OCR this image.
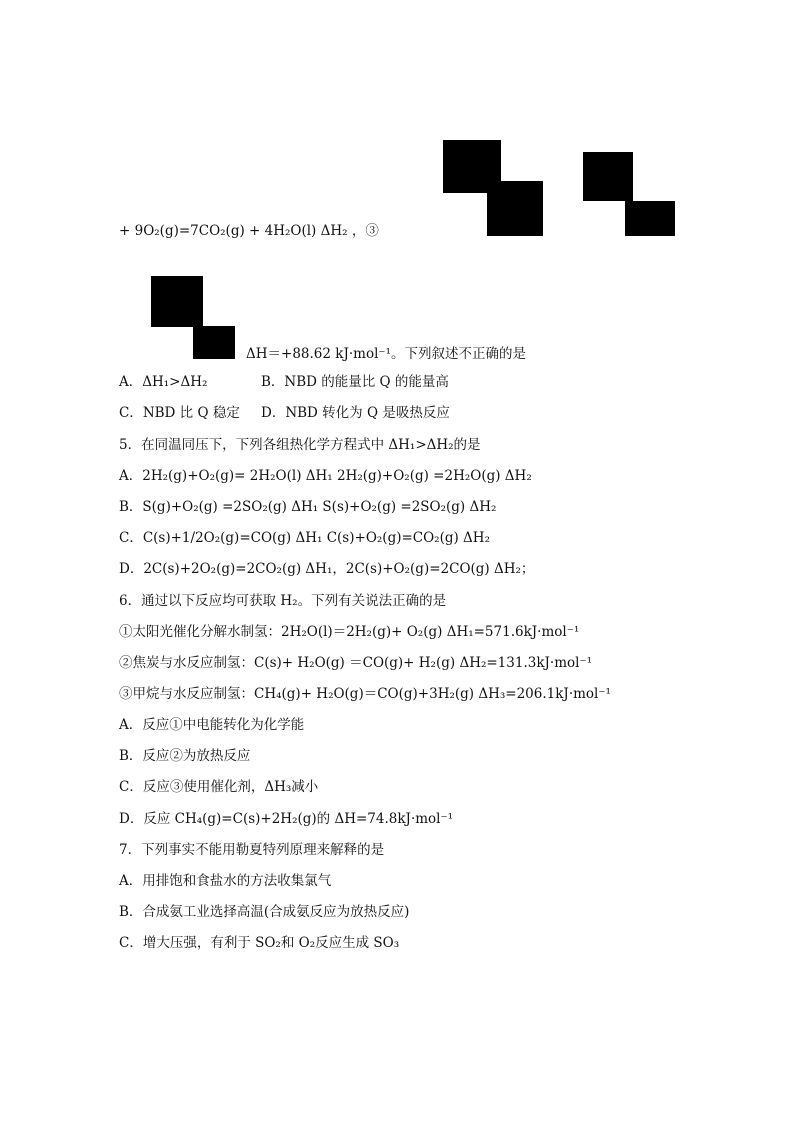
+ 9O₂(g)=7CO₂(g) + 4H₂O(l) ΔH₂ ，③
ΔH＝+88.62 kJ·mol⁻¹。下列叙述不正确的是
A．ΔH₁>ΔH₂	B．NBD 的能量比 Q 的能量高
C．NBD 比 Q 稳定 D．NBD 转化为 Q 是吸热反应
5．在同温同压下，下列各组热化学方程式中 ΔH₁>ΔH₂的是
A．2H₂(g)+O₂(g)= 2H₂O(l) ΔH₁ 2H₂(g)+O₂(g) =2H₂O(g) ΔH₂
B．S(g)+O₂(g) =2SO₂(g) ΔH₁ S(s)+O₂(g) =2SO₂(g) ΔH₂
C．C(s)+1/2O₂(g)=CO(g) ΔH₁ C(s)+O₂(g)=CO₂(g) ΔH₂
D．2C(s)+2O₂(g)=2CO₂(g) ΔH₁，2C(s)+O₂(g)=2CO(g) ΔH₂；
6．通过以下反应均可获取 H₂。下列有关说法正确的是
①太阳光催化分解水制氢：2H₂O(l)＝2H₂(g)+ O₂(g) ΔH₁=571.6kJ·mol⁻¹
②焦炭与水反应制氢：C(s)+ H₂O(g) ＝CO(g)+ H₂(g) ΔH₂=131.3kJ·mol⁻¹
③甲烷与水反应制氢：CH₄(g)+ H₂O(g)＝CO(g)+3H₂(g) ΔH₃=206.1kJ·mol⁻¹
A．反应①中电能转化为化学能
B．反应②为放热反应
C．反应③使用催化剂，ΔH₃减小
D．反应 CH₄(g)=C(s)+2H₂(g)的 ΔH=74.8kJ·mol⁻¹
7．下列事实不能用勒夏特列原理来解释的是
A．用排饱和食盐水的方法收集氯气
B．合成氨工业选择高温(合成氨反应为放热反应)
C．增大压强，有利于 SO₂和 O₂反应生成 SO₃
